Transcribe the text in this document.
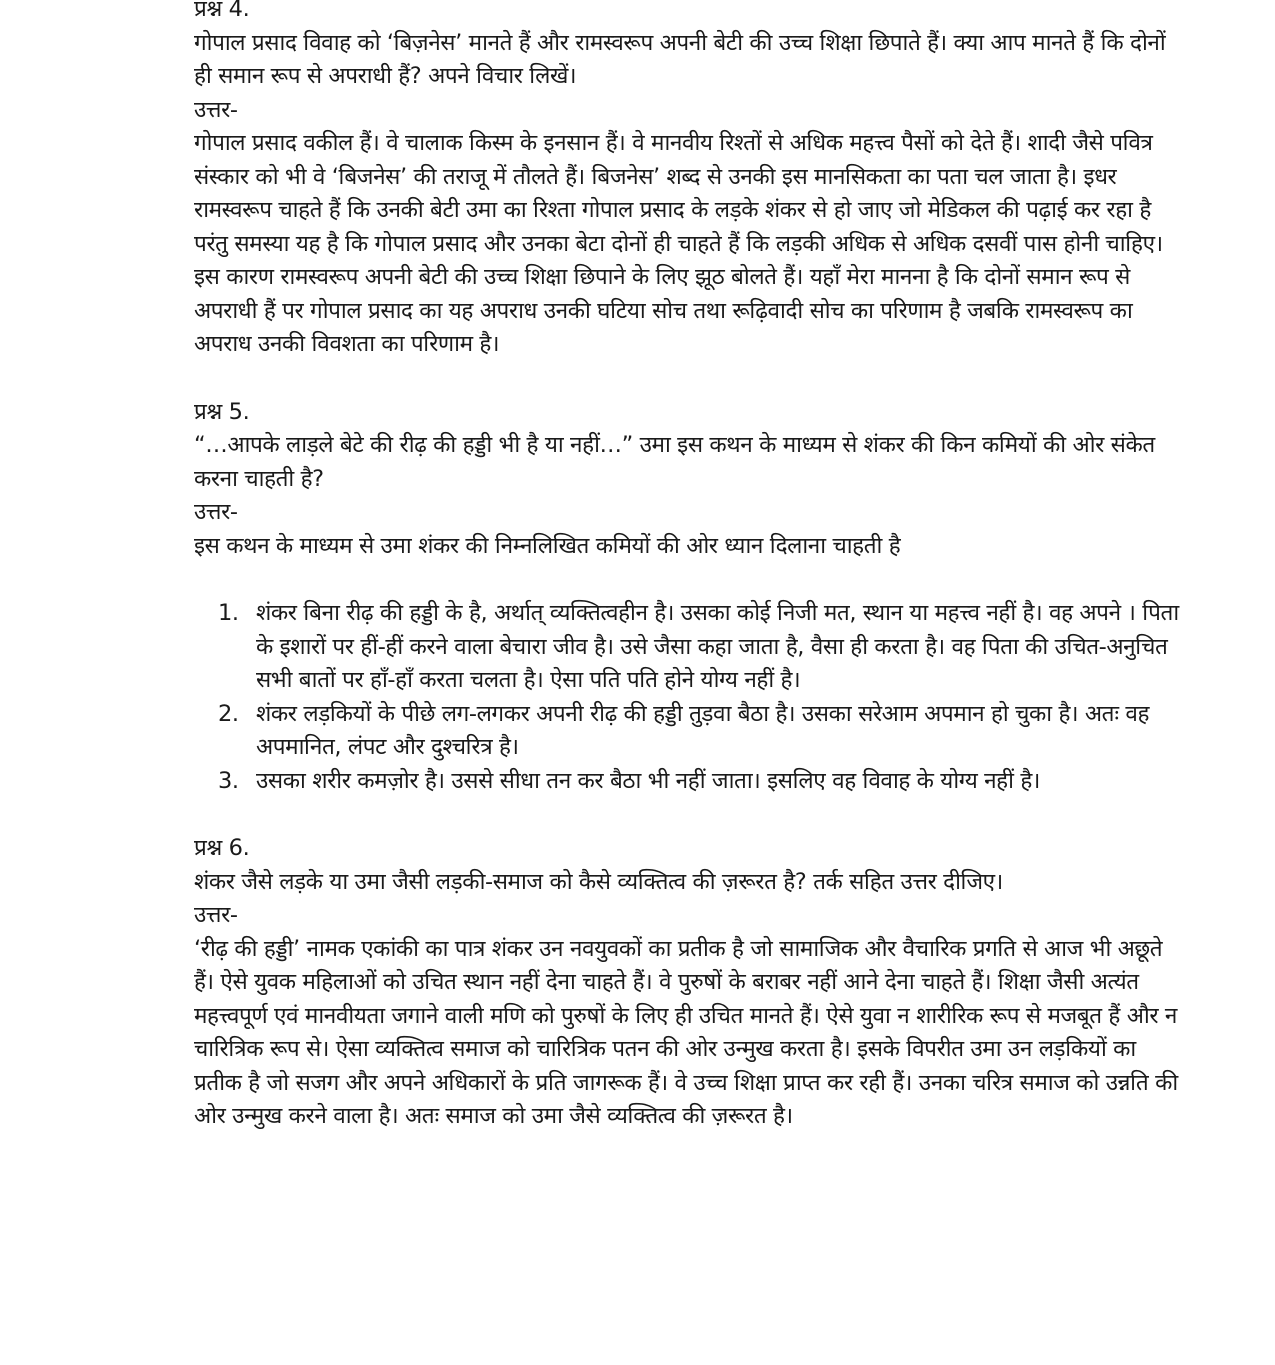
प्रश्न 4.

गोपाल प्रसाद विवाह को ‘बिज़नेस’ मानते हैं और रामस्वरूप अपनी बेटी की उच्च शिक्षा छिपाते हैं। क्या आप मानते हैं कि दोनों ही समान रूप से अपराधी हैं? अपने विचार लिखें।

उत्तर-

गोपाल प्रसाद वकील हैं। वे चालाक किस्म के इनसान हैं। वे मानवीय रिश्तों से अधिक महत्त्व पैसों को देते हैं। शादी जैसे पवित्र संस्कार को भी वे ‘बिजनेस’ की तराजू में तौलते हैं। बिजनेस’ शब्द से उनकी इस मानसिकता का पता चल जाता है। इधर रामस्वरूप चाहते हैं कि उनकी बेटी उमा का रिश्ता गोपाल प्रसाद के लड़के शंकर से हो जाए जो मेडिकल की पढ़ाई कर रहा है परंतु समस्या यह है कि गोपाल प्रसाद और उनका बेटा दोनों ही चाहते हैं कि लड़की अधिक से अधिक दसवीं पास होनी चाहिए। इस कारण रामस्वरूप अपनी बेटी की उच्च शिक्षा छिपाने के लिए झूठ बोलते हैं। यहाँ मेरा मानना है कि दोनों समान रूप से अपराधी हैं पर गोपाल प्रसाद का यह अपराध उनकी घटिया सोच तथा रूढ़िवादी सोच का परिणाम है जबकि रामस्वरूप का अपराध उनकी विवशता का परिणाम है।

प्रश्न 5.

“…आपके लाड़ले बेटे की रीढ़ की हड्डी भी है या नहीं…” उमा इस कथन के माध्यम से शंकर की किन कमियों की ओर संकेत करना चाहती है?

उत्तर-

इस कथन के माध्यम से उमा शंकर की निम्नलिखित कमियों की ओर ध्यान दिलाना चाहती है

1. शंकर बिना रीढ़ की हड्डी के है, अर्थात् व्यक्तित्वहीन है। उसका कोई निजी मत, स्थान या महत्त्व नहीं है। वह अपने । पिता के इशारों पर हीं-हीं करने वाला बेचारा जीव है। उसे जैसा कहा जाता है, वैसा ही करता है। वह पिता की उचित-अनुचित सभी बातों पर हाँ-हाँ करता चलता है। ऐसा पति पति होने योग्य नहीं है।
2. शंकर लड़कियों के पीछे लग-लगकर अपनी रीढ़ की हड्डी तुड़वा बैठा है। उसका सरेआम अपमान हो चुका है। अतः वह अपमानित, लंपट और दुश्चरित्र है।
3. उसका शरीर कमज़ोर है। उससे सीधा तन कर बैठा भी नहीं जाता। इसलिए वह विवाह के योग्य नहीं है।

प्रश्न 6.

शंकर जैसे लड़के या उमा जैसी लड़की-समाज को कैसे व्यक्तित्व की ज़रूरत है? तर्क सहित उत्तर दीजिए।

उत्तर-

‘रीढ़ की हड्डी’ नामक एकांकी का पात्र शंकर उन नवयुवकों का प्रतीक है जो सामाजिक और वैचारिक प्रगति से आज भी अछूते हैं। ऐसे युवक महिलाओं को उचित स्थान नहीं देना चाहते हैं। वे पुरुषों के बराबर नहीं आने देना चाहते हैं। शिक्षा जैसी अत्यंत महत्त्वपूर्ण एवं मानवीयता जगाने वाली मणि को पुरुषों के लिए ही उचित मानते हैं। ऐसे युवा न शारीरिक रूप से मजबूत हैं और न चारित्रिक रूप से। ऐसा व्यक्तित्व समाज को चारित्रिक पतन की ओर उन्मुख करता है। इसके विपरीत उमा उन लड़कियों का प्रतीक है जो सजग और अपने अधिकारों के प्रति जागरूक हैं। वे उच्च शिक्षा प्राप्त कर रही हैं। उनका चरित्र समाज को उन्नति की ओर उन्मुख करने वाला है। अतः समाज को उमा जैसे व्यक्तित्व की ज़रूरत है।
